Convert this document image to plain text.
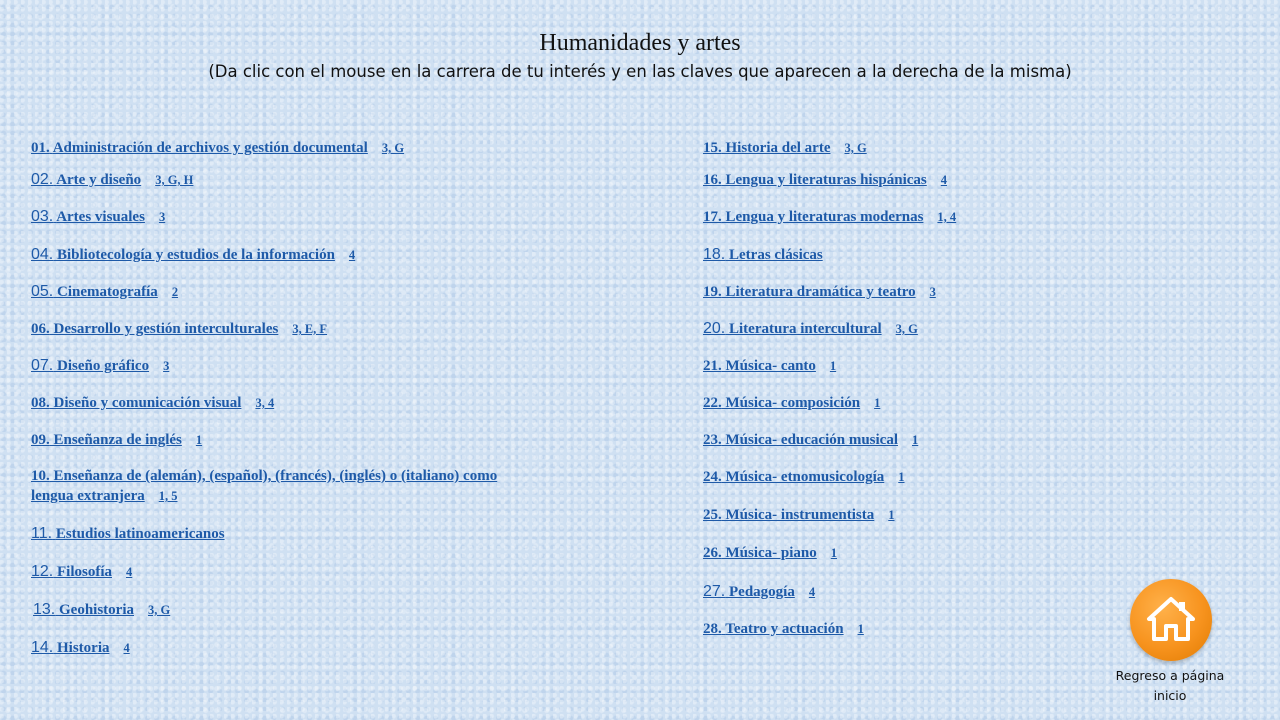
Humanidades y artes
(Da clic con el mouse en la carrera de tu interés y en las claves que aparecen a la derecha de la misma)
01. Administración de archivos y gestión documental 3, G
02. Arte y diseño 3, G, H
03. Artes visuales 3
04. Bibliotecología y estudios de la información 4
05. Cinematografía 2
06. Desarrollo y gestión interculturales 3, E, F
07. Diseño gráfico 3
08. Diseño y comunicación visual 3, 4
09. Enseñanza de inglés 1
10. Enseñanza de (alemán), (español), (francés), (inglés) o (italiano) como
lengua extranjera 1, 5
11. Estudios latinoamericanos
12. Filosofía 4
13. Geohistoria 3, G
14. Historia 4
15. Historia del arte 3, G
16. Lengua y literaturas hispánicas 4
17. Lengua y literaturas modernas 1, 4
18. Letras clásicas
19. Literatura dramática y teatro 3
20. Literatura intercultural 3, G
21. Música- canto 1
22. Música- composición 1
23. Música- educación musical 1
24. Música- etnomusicología 1
25. Música- instrumentista 1
26. Música- piano 1
27. Pedagogía 4
28. Teatro y actuación 1
Regreso a página inicio
